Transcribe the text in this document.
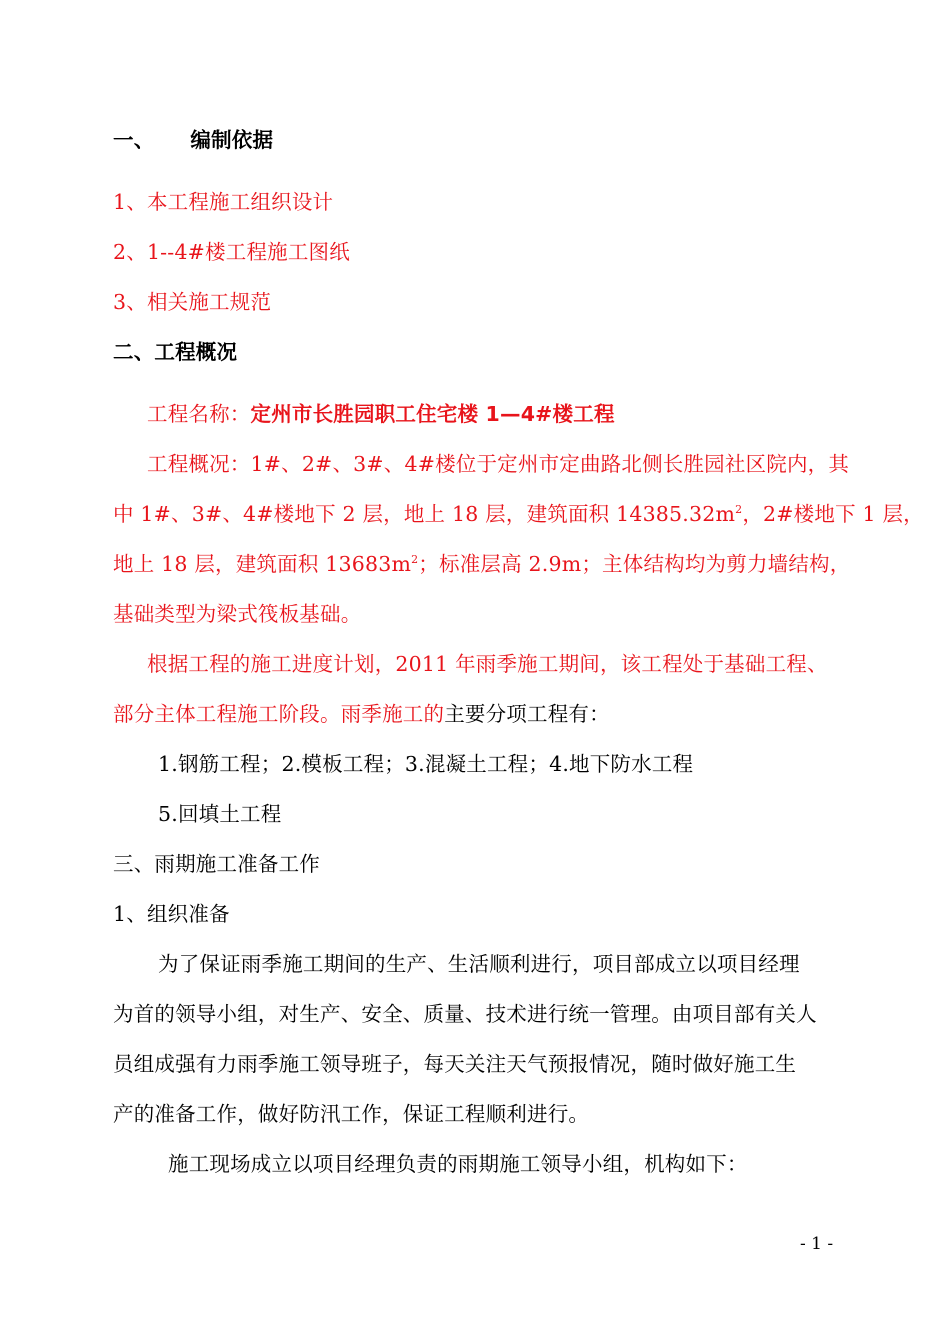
一、 编制依据
1、本工程施工组织设计
2、1--4#楼工程施工图纸
3、相关施工规范
二、工程概况
工程名称：定州市长胜园职工住宅楼 1—4#楼工程
工程概况：1#、2#、3#、4#楼位于定州市定曲路北侧长胜园社区院内，其
中 1#、3#、4#楼地下 2 层，地上 18 层，建筑面积 $14385.32m^2$，2#楼地下 1 层，
地上 18 层，建筑面积 $13683m^2$；标准层高 2.9m；主体结构均为剪力墙结构，
基础类型为梁式筏板基础。
根据工程的施工进度计划，2011 年雨季施工期间，该工程处于基础工程、
部分主体工程施工阶段。雨季施工的主要分项工程有：
1.钢筋工程；2.模板工程；3.混凝土工程；4.地下防水工程
5.回填土工程
三、雨期施工准备工作
1、组织准备
为了保证雨季施工期间的生产、生活顺利进行，项目部成立以项目经理
为首的领导小组，对生产、安全、质量、技术进行统一管理。由项目部有关人
员组成强有力雨季施工领导班子，每天关注天气预报情况，随时做好施工生
产的准备工作，做好防汛工作，保证工程顺利进行。
施工现场成立以项目经理负责的雨期施工领导小组，机构如下：
- 1 -
